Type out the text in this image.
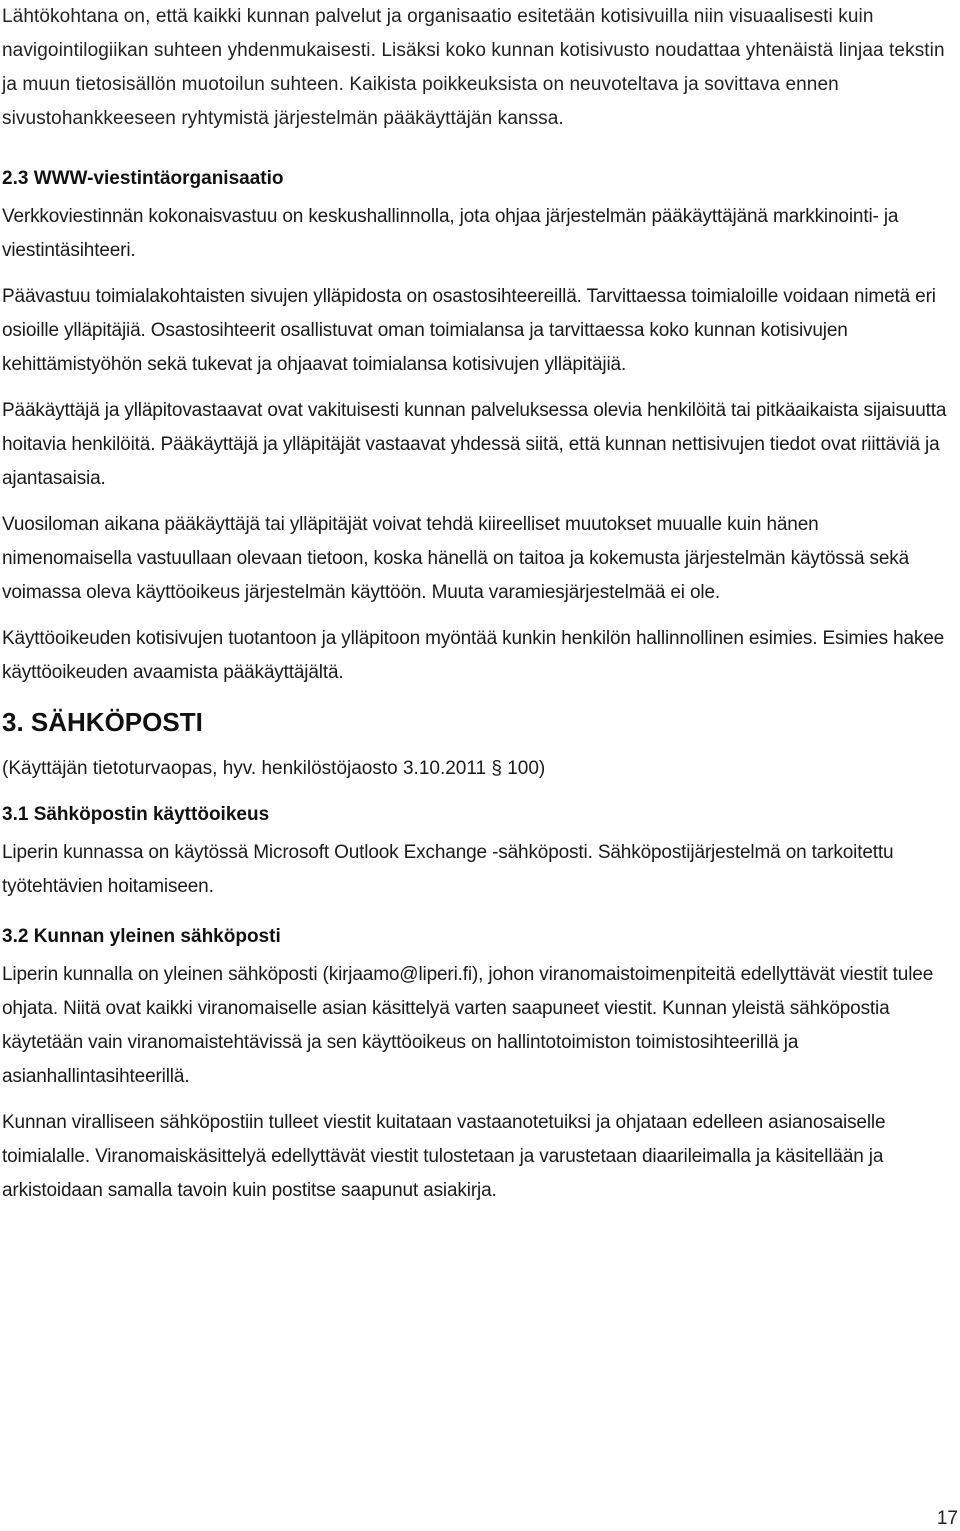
Lähtökohtana on, että kaikki kunnan palvelut ja organisaatio esitetään kotisivuilla niin visuaalisesti kuin navigointilogiikan suhteen yhdenmukaisesti. Lisäksi koko kunnan kotisivusto noudattaa yhtenäistä linjaa tekstin ja muun tietosisällön muotoilun suhteen. Kaikista poikkeuksista on neuvoteltava ja sovittava ennen sivustohankkeeseen ryhtymistä järjestelmän pääkäyttäjän kanssa.

2.3 WWW-viestintäorganisaatio

Verkkoviestinnän kokonaisvastuu on keskushallinnolla, jota ohjaa järjestelmän pääkäyttäjänä markkinointi- ja viestintäsihteeri.

Päävastuu toimialakohtaisten sivujen ylläpidosta on osastosihteereillä. Tarvittaessa toimialoille voidaan nimetä eri osioille ylläpitäjiä. Osastosihteerit osallistuvat oman toimialansa ja tarvittaessa koko kunnan kotisivujen kehittämistyöhön sekä tukevat ja ohjaavat toimialansa kotisivujen ylläpitäjiä.

Pääkäyttäjä ja ylläpitovastaavat ovat vakituisesti kunnan palveluksessa olevia henkilöitä tai pitkäaikaista sijaisuutta hoitavia henkilöitä. Pääkäyttäjä ja ylläpitäjät vastaavat yhdessä siitä, että kunnan nettisivujen tiedot ovat riittäviä ja ajantasaisia.

Vuosiloman aikana pääkäyttäjä tai ylläpitäjät voivat tehdä kiireelliset muutokset muualle kuin hänen nimenomaisella vastuullaan olevaan tietoon, koska hänellä on taitoa ja kokemusta järjestelmän käytössä sekä voimassa oleva käyttöoikeus järjestelmän käyttöön. Muuta varamiesjärjestelmää ei ole.

Käyttöoikeuden kotisivujen tuotantoon ja ylläpitoon myöntää kunkin henkilön hallinnollinen esimies. Esimies hakee käyttöoikeuden avaamista pääkäyttäjältä.

3. SÄHKÖPOSTI

(Käyttäjän tietoturvaopas, hyv. henkilöstöjaosto 3.10.2011 § 100)

3.1 Sähköpostin käyttöoikeus

Liperin kunnassa on käytössä Microsoft Outlook Exchange -sähköposti. Sähköpostijärjestelmä on tarkoitettu työtehtävien hoitamiseen.

3.2 Kunnan yleinen sähköposti

Liperin kunnalla on yleinen sähköposti (kirjaamo@liperi.fi), johon viranomaistoimenpiteitä edellyttävät viestit tulee ohjata. Niitä ovat kaikki viranomaiselle asian käsittelyä varten saapuneet viestit. Kunnan yleistä sähköpostia käytetään vain viranomaistehtävissä ja sen käyttöoikeus on hallintotoimiston toimistosihteerillä ja asianhallintasihteerillä.

Kunnan viralliseen sähköpostiin tulleet viestit kuitataan vastaanotetuiksi ja ohjataan edelleen asianosaiselle toimialalle. Viranomaiskäsittelyä edellyttävät viestit tulostetaan ja varustetaan diaarileimalla ja käsitellään ja arkistoidaan samalla tavoin kuin postitse saapunut asiakirja.

17
